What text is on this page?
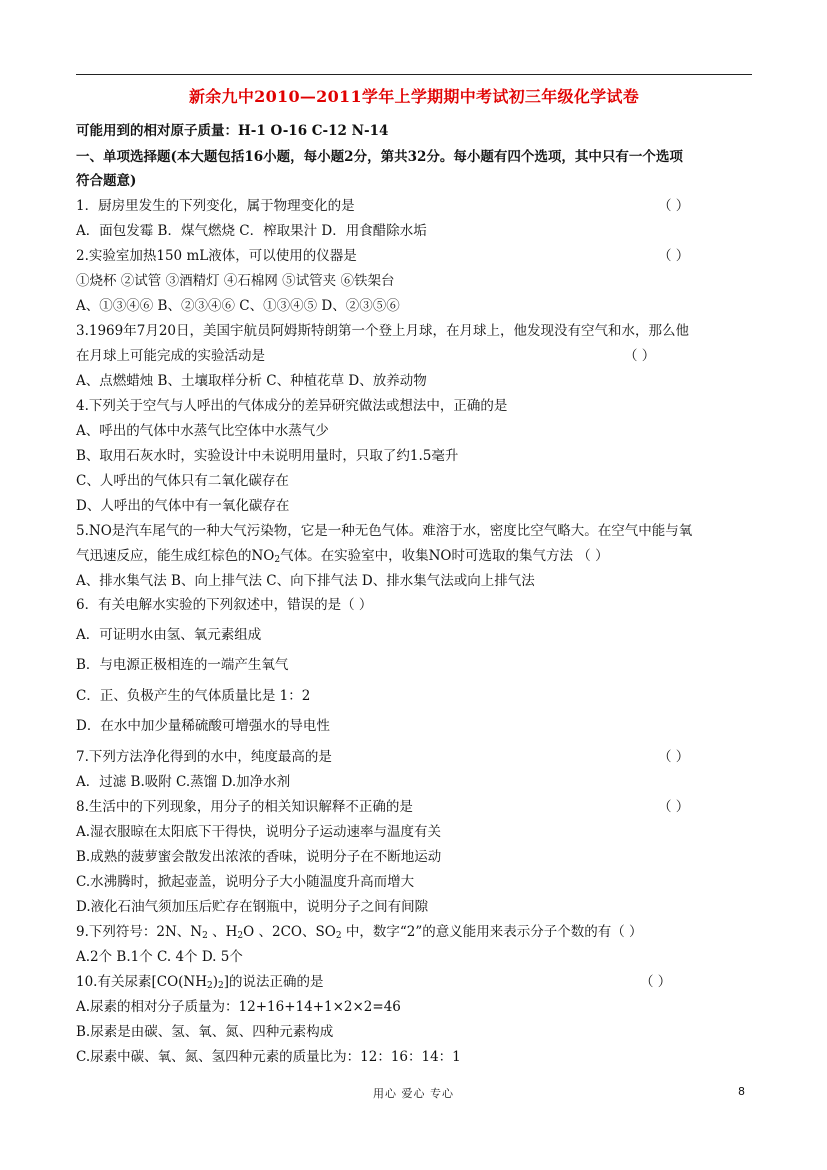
新余九中2010—2011学年上学期期中考试初三年级化学试卷
可能用到的相对原子质量：H-1 O-16 C-12 N-14
一、单项选择题(本大题包括16小题，每小题2分，第共32分。每小题有四个选项，其中只有一个选项
符合题意)
1．厨房里发生的下列变化，属于物理变化的是	（ ）
A．面包发霉 B．煤气燃烧 C．榨取果汁 D．用食醋除水垢
2.实验室加热150 mL液体，可以使用的仪器是	（ ）
①烧杯 ②试管 ③酒精灯 ④石棉网 ⑤试管夹 ⑥铁架台
A、①③④⑥ B、②③④⑥ C、①③④⑤ D、②③⑤⑥
3.1969年7月20日，美国宇航员阿姆斯特朗第一个登上月球，在月球上，他发现没有空气和水，那么他
在月球上可能完成的实验活动是	（ ）
A、点燃蜡烛 B、土壤取样分析 C、种植花草 D、放养动物
4.下列关于空气与人呼出的气体成分的差异研究做法或想法中，正确的是
A、呼出的气体中水蒸气比空体中水蒸气少
B、取用石灰水时，实验设计中未说明用量时，只取了约1.5毫升
C、人呼出的气体只有二氧化碳存在
D、人呼出的气体中有一氧化碳存在
5.NO是汽车尾气的一种大气污染物，它是一种无色气体。难溶于水，密度比空气略大。在空气中能与氧
气迅速反应，能生成红棕色的$NO_2$气体。在实验室中，收集NO时可选取的集气方法 （ ）
A、排水集气法 B、向上排气法 C、向下排气法 D、排水集气法或向上排气法
6．有关电解水实验的下列叙述中，错误的是（ ）
A．可证明水由氢、氧元素组成
B．与电源正极相连的一端产生氧气
C．正、负极产生的气体质量比是 1：2
D．在水中加少量稀硫酸可增强水的导电性
7.下列方法净化得到的水中，纯度最高的是	（ ）
A．过滤 B.吸附 C.蒸馏 D.加净水剂
8.生活中的下列现象，用分子的相关知识解释不正确的是	（ ）
A.湿衣服晾在太阳底下干得快，说明分子运动速率与温度有关
B.成熟的菠萝蜜会散发出浓浓的香味，说明分子在不断地运动
C.水沸腾时，掀起壶盖，说明分子大小随温度升高而增大
D.液化石油气须加压后贮存在钢瓶中，说明分子之间有间隙
9.下列符号：2N、$N_2$ 、$H_2O$ 、2CO、$SO_2$ 中，数字“2”的意义能用来表示分子个数的有（ ）
A.2个 B.1个 C. 4个 D. 5个
10.有关尿素$[CO(NH_2)_2]$的说法正确的是	（ ）
A.尿素的相对分子质量为：12+16+14+1×2×2=46
B.尿素是由碳、氢、氧、氮、四种元素构成
C.尿素中碳、氧、氮、氢四种元素的质量比为：12：16：14：1
用心 爱心 专心	8
